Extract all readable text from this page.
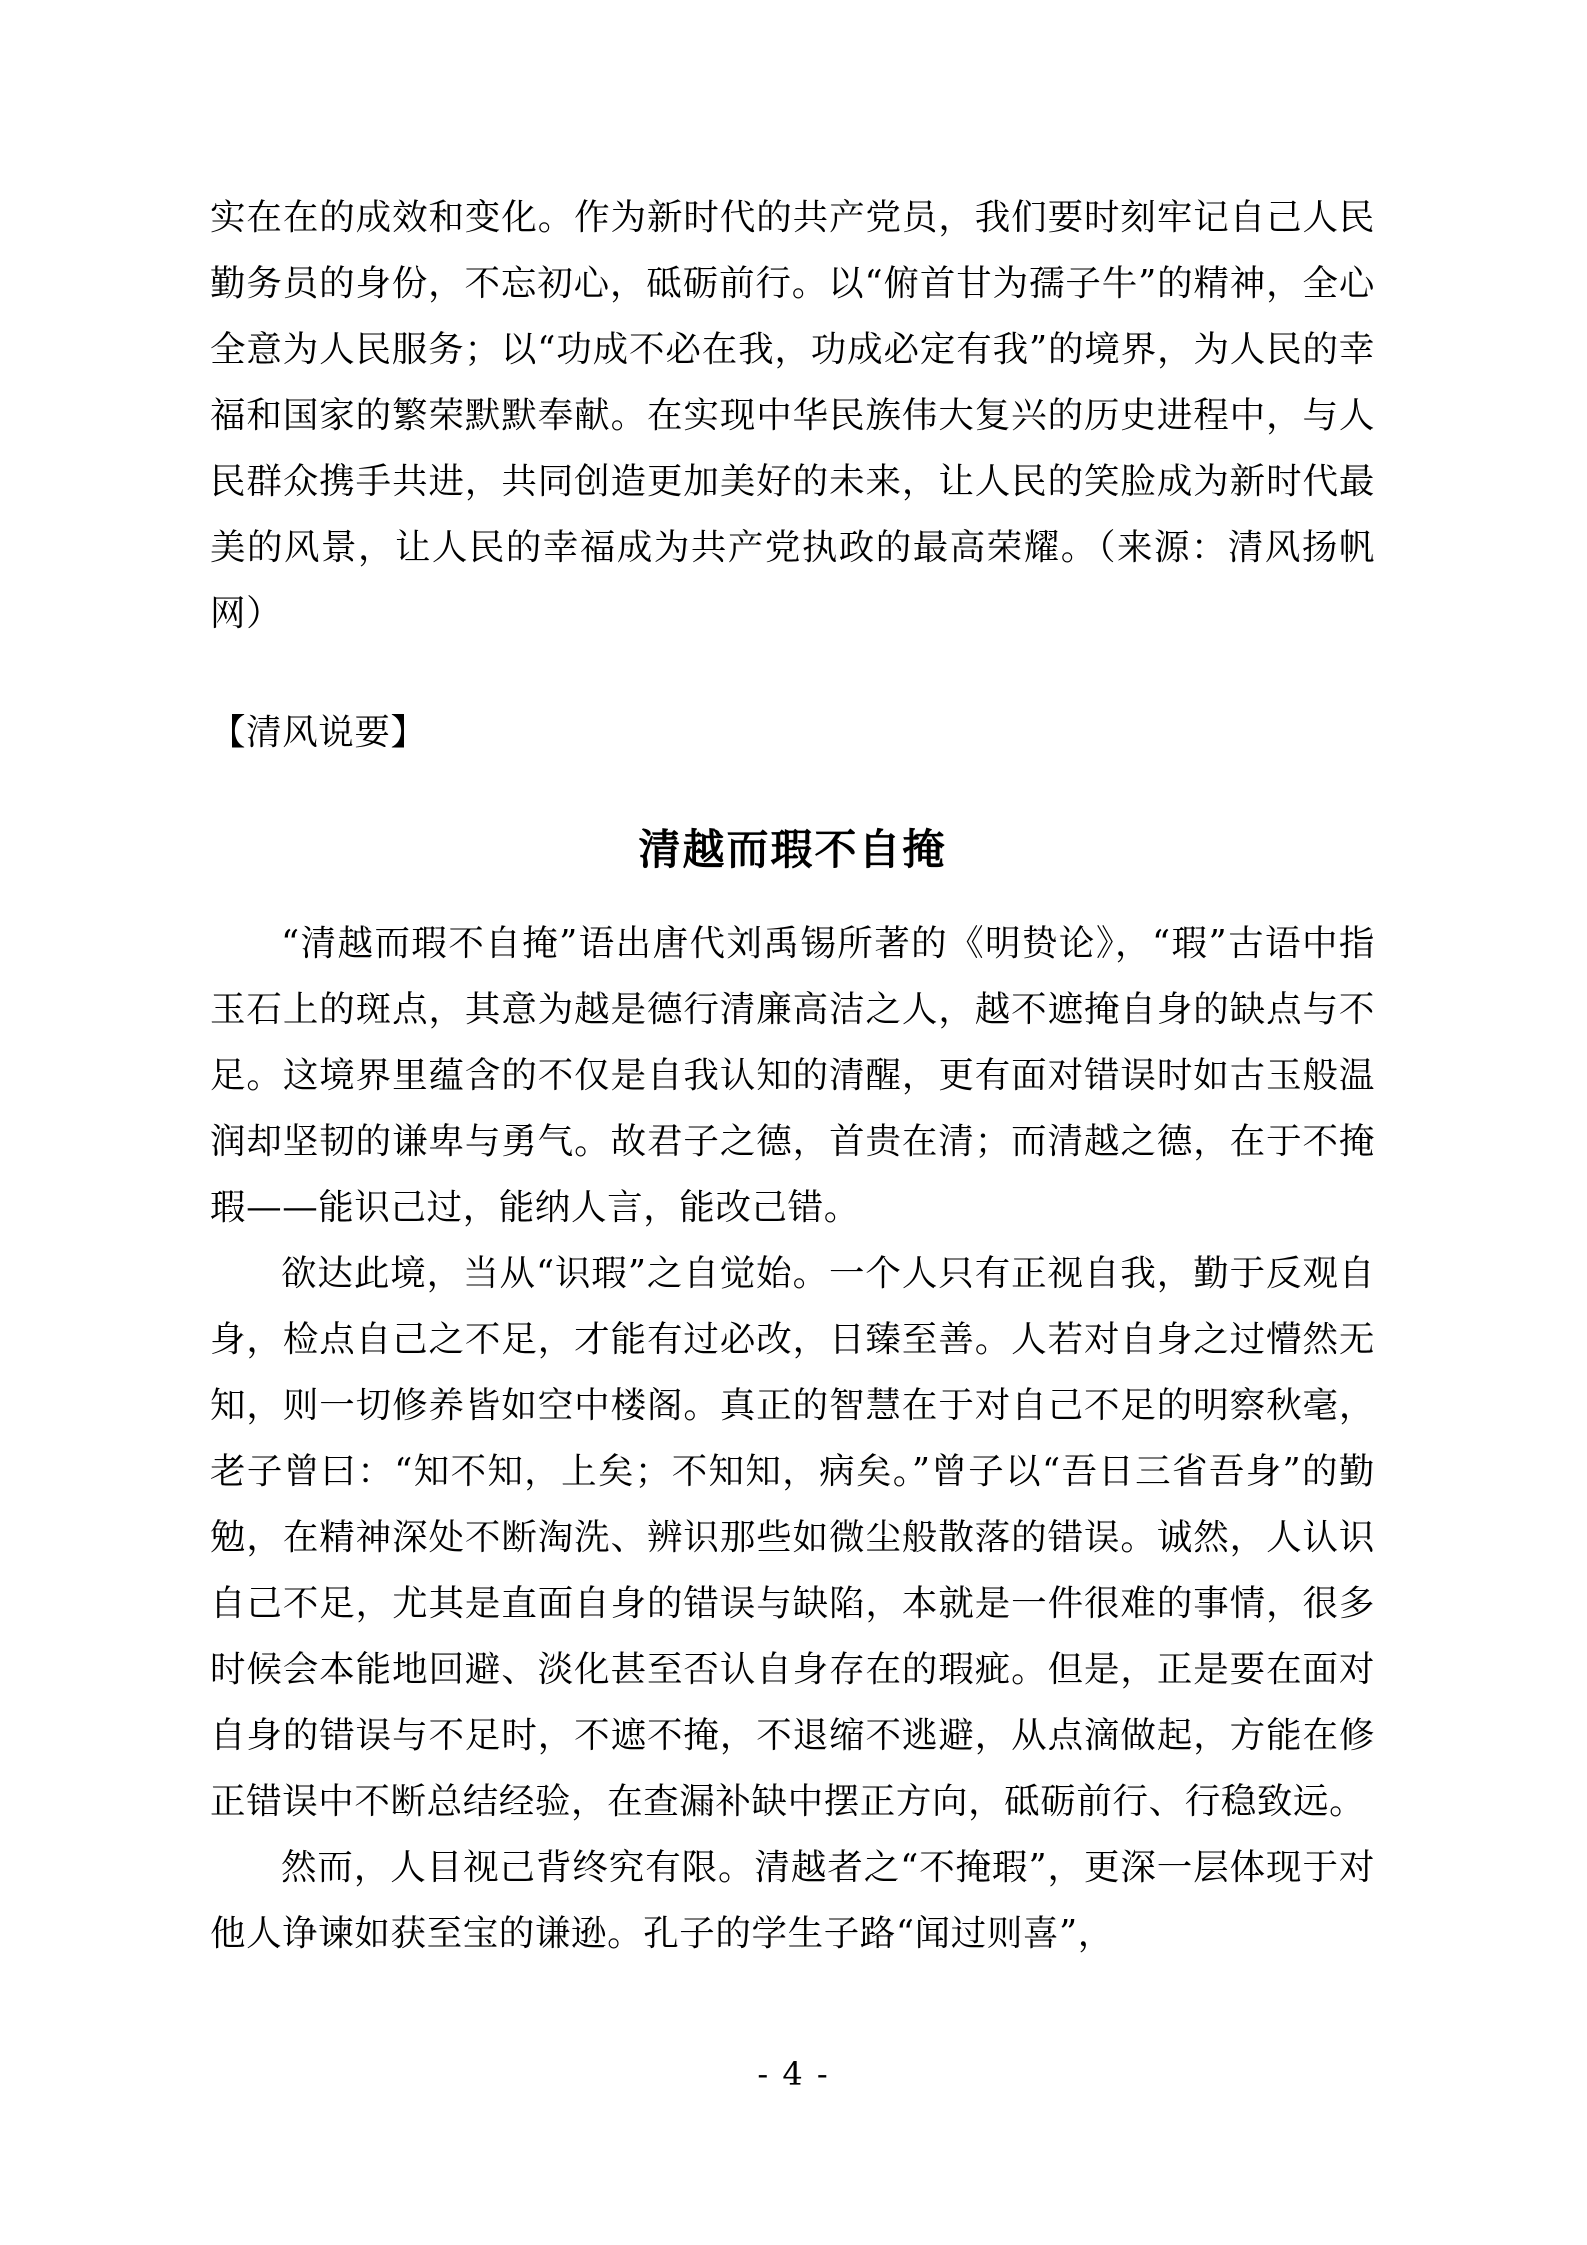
实在在的成效和变化。作为新时代的共产党员，我们要时刻牢记自己人民勤务员的身份，不忘初心，砥砺前行。以“俯首甘为孺子牛”的精神，全心全意为人民服务；以“功成不必在我，功成必定有我”的境界，为人民的幸福和国家的繁荣默默奉献。在实现中华民族伟大复兴的历史进程中，与人民群众携手共进，共同创造更加美好的未来，让人民的笑脸成为新时代最美的风景，让人民的幸福成为共产党执政的最高荣耀。（来源：清风扬帆网）

【清风说要】
清越而瑕不自掩

“清越而瑕不自掩”语出唐代刘禹锡所著的《明贽论》，“瑕”古语中指玉石上的斑点，其意为越是德行清廉高洁之人，越不遮掩自身的缺点与不足。这境界里蕴含的不仅是自我认知的清醒，更有面对错误时如古玉般温润却坚韧的谦卑与勇气。故君子之德，首贵在清；而清越之德，在于不掩瑕——能识己过，能纳人言，能改己错。

欲达此境，当从“识瑕”之自觉始。一个人只有正视自我，勤于反观自身，检点自己之不足，才能有过必改，日臻至善。人若对自身之过懵然无知，则一切修养皆如空中楼阁。真正的智慧在于对自己不足的明察秋毫，老子曾曰：“知不知，上矣；不知知，病矣。”曾子以“吾日三省吾身”的勤勉，在精神深处不断淘洗、辨识那些如微尘般散落的错误。诚然，人认识自己不足，尤其是直面自身的错误与缺陷，本就是一件很难的事情，很多时候会本能地回避、淡化甚至否认自身存在的瑕疵。但是，正是要在面对自身的错误与不足时，不遮不掩，不退缩不逃避，从点滴做起，方能在修正错误中不断总结经验，在查漏补缺中摆正方向，砥砺前行、行稳致远。

然而，人目视己背终究有限。清越者之“不掩瑕”，更深一层体现于对他人诤谏如获至宝的谦逊。孔子的学生子路“闻过则喜”，

- 4 -
